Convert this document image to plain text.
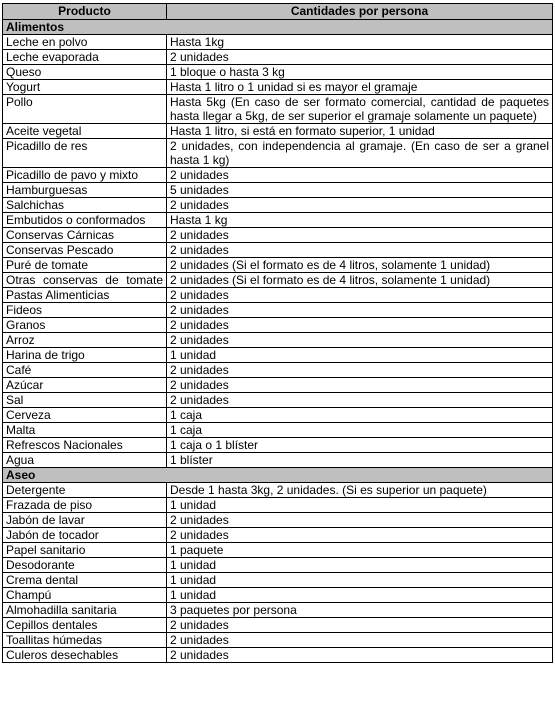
Producto	Cantidades por persona
Alimentos	
Leche en polvo	Hasta 1kg
Leche evaporada	2 unidades
Queso	1 bloque o hasta 3 kg
Yogurt	Hasta 1 litro o 1 unidad si es mayor el gramaje
Pollo	Hasta 5kg (En caso de ser formato comercial, cantidad de paquetes hasta llegar a 5kg, de ser superior el gramaje solamente un paquete)
Aceite vegetal	Hasta 1 litro, si está en formato superior, 1 unidad
Picadillo de res	2 unidades, con independencia al gramaje. (En caso de ser a granel hasta 1 kg)
Picadillo de pavo y mixto	2 unidades
Hamburguesas	5 unidades
Salchichas	2 unidades
Embutidos o conformados	Hasta 1 kg
Conservas Cárnicas	2 unidades
Conservas Pescado	2 unidades
Puré de tomate	2 unidades (Si el formato es de 4 litros, solamente 1 unidad)
Otras conservas de tomate	2 unidades (Si el formato es de 4 litros, solamente 1 unidad)
Pastas Alimenticias	2 unidades
Fideos	2 unidades
Granos	2 unidades
Arroz	2 unidades
Harina de trigo	1 unidad
Café	2 unidades
Azúcar	2 unidades
Sal	2 unidades
Cerveza	1 caja
Malta	1 caja
Refrescos Nacionales	1 caja o 1 blíster
Agua	1 blíster
Aseo	
Detergente	Desde 1 hasta 3kg, 2 unidades. (Si es superior un paquete)
Frazada de piso	1 unidad
Jabón de lavar	2 unidades
Jabón de tocador	2 unidades
Papel sanitario	1 paquete
Desodorante	1 unidad
Crema dental	1 unidad
Champú	1 unidad
Almohadilla sanitaria	3 paquetes por persona
Cepillos dentales	2 unidades
Toallitas húmedas	2 unidades
Culeros desechables	2 unidades
